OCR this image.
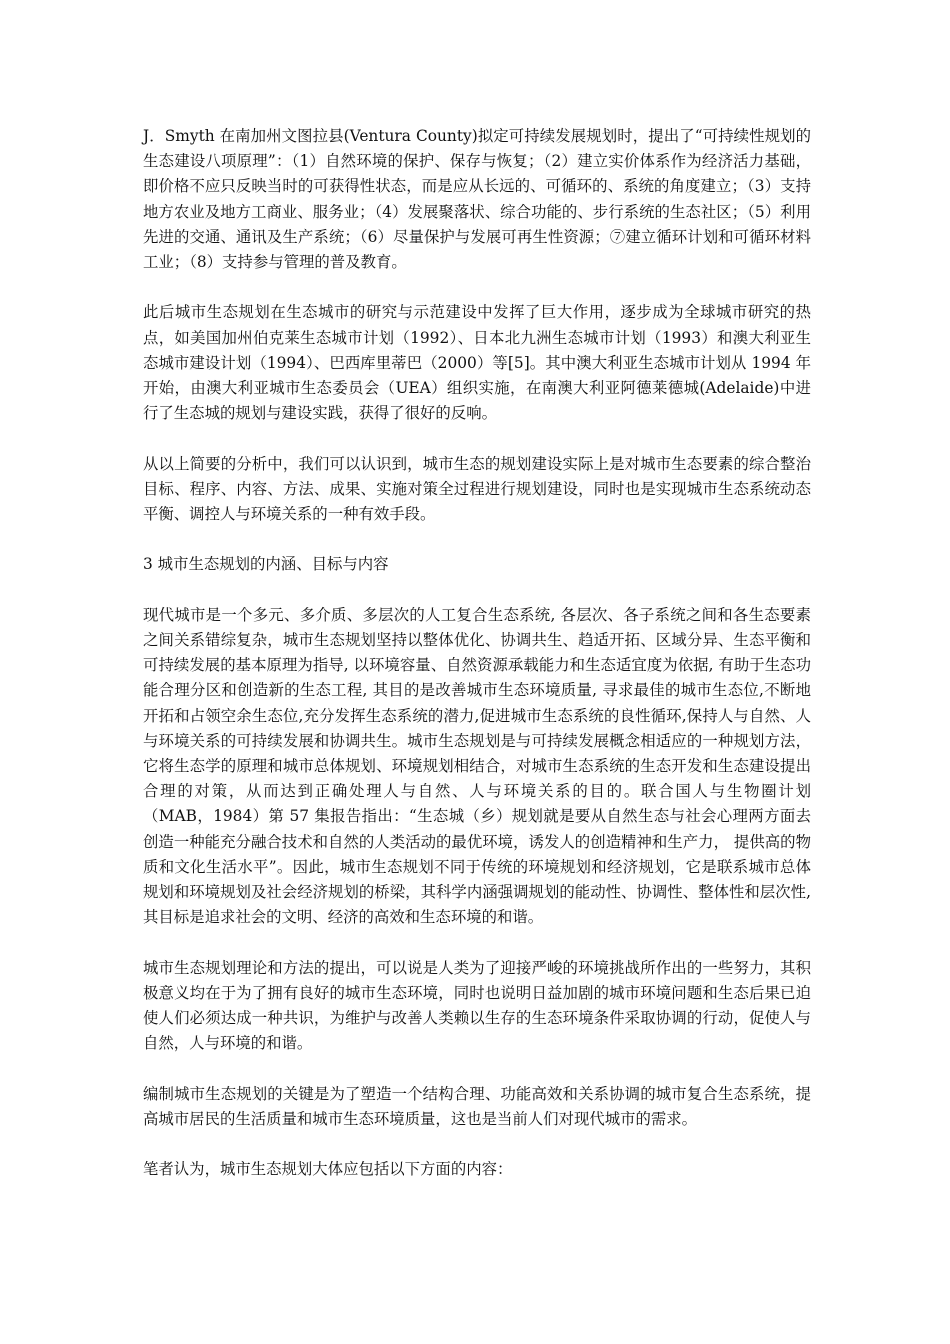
J．Smyth 在南加州文图拉县(Ventura County)拟定可持续发展规划时，提出了“可持续性规划的生态建设八项原理”：（1）自然环境的保护、保存与恢复；（2）建立实价体系作为经济活力基础，即价格不应只反映当时的可获得性状态，而是应从长远的、可循环的、系统的角度建立；（3）支持地方农业及地方工商业、服务业；（4）发展聚落状、综合功能的、步行系统的生态社区；（5）利用先进的交通、通讯及生产系统；（6）尽量保护与发展可再生性资源；⑦建立循环计划和可循环材料工业；（8）支持参与管理的普及教育。

此后城市生态规划在生态城市的研究与示范建设中发挥了巨大作用，逐步成为全球城市研究的热点，如美国加州伯克莱生态城市计划（1992）、日本北九洲生态城市计划（1993）和澳大利亚生态城市建设计划（1994）、巴西库里蒂巴（2000）等[5]。其中澳大利亚生态城市计划从 1994 年开始，由澳大利亚城市生态委员会（UEA）组织实施，在南澳大利亚阿德莱德城(Adelaide)中进行了生态城的规划与建设实践，获得了很好的反响。

从以上简要的分析中，我们可以认识到，城市生态的规划建设实际上是对城市生态要素的综合整治目标、程序、内容、方法、成果、实施对策全过程进行规划建设，同时也是实现城市生态系统动态平衡、调控人与环境关系的一种有效手段。

3 城市生态规划的内涵、目标与内容

现代城市是一个多元、多介质、多层次的人工复合生态系统, 各层次、各子系统之间和各生态要素之间关系错综复杂，城市生态规划坚持以整体优化、协调共生、趋适开拓、区域分异、生态平衡和可持续发展的基本原理为指导, 以环境容量、自然资源承载能力和生态适宜度为依据, 有助于生态功能合理分区和创造新的生态工程, 其目的是改善城市生态环境质量, 寻求最佳的城市生态位,不断地开拓和占领空余生态位,充分发挥生态系统的潜力,促进城市生态系统的良性循环,保持人与自然、人与环境关系的可持续发展和协调共生。城市生态规划是与可持续发展概念相适应的一种规划方法，它将生态学的原理和城市总体规划、环境规划相结合，对城市生态系统的生态开发和生态建设提出合理的对策，从而达到正确处理人与自然、人与环境关系的目的。联合国人与生物圈计划（MAB，1984）第 57 集报告指出：“生态城（乡）规划就是要从自然生态与社会心理两方面去创造一种能充分融合技术和自然的人类活动的最优环境，诱发人的创造精神和生产力， 提供高的物质和文化生活水平”。因此，城市生态规划不同于传统的环境规划和经济规划，它是联系城市总体规划和环境规划及社会经济规划的桥梁，其科学内涵强调规划的能动性、协调性、整体性和层次性, 其目标是追求社会的文明、经济的高效和生态环境的和谐。

城市生态规划理论和方法的提出，可以说是人类为了迎接严峻的环境挑战所作出的一些努力，其积极意义均在于为了拥有良好的城市生态环境，同时也说明日益加剧的城市环境问题和生态后果已迫使人们必须达成一种共识，为维护与改善人类赖以生存的生态环境条件采取协调的行动，促使人与自然，人与环境的和谐。

编制城市生态规划的关键是为了塑造一个结构合理、功能高效和关系协调的城市复合生态系统，提高城市居民的生活质量和城市生态环境质量，这也是当前人们对现代城市的需求。

笔者认为，城市生态规划大体应包括以下方面的内容：
